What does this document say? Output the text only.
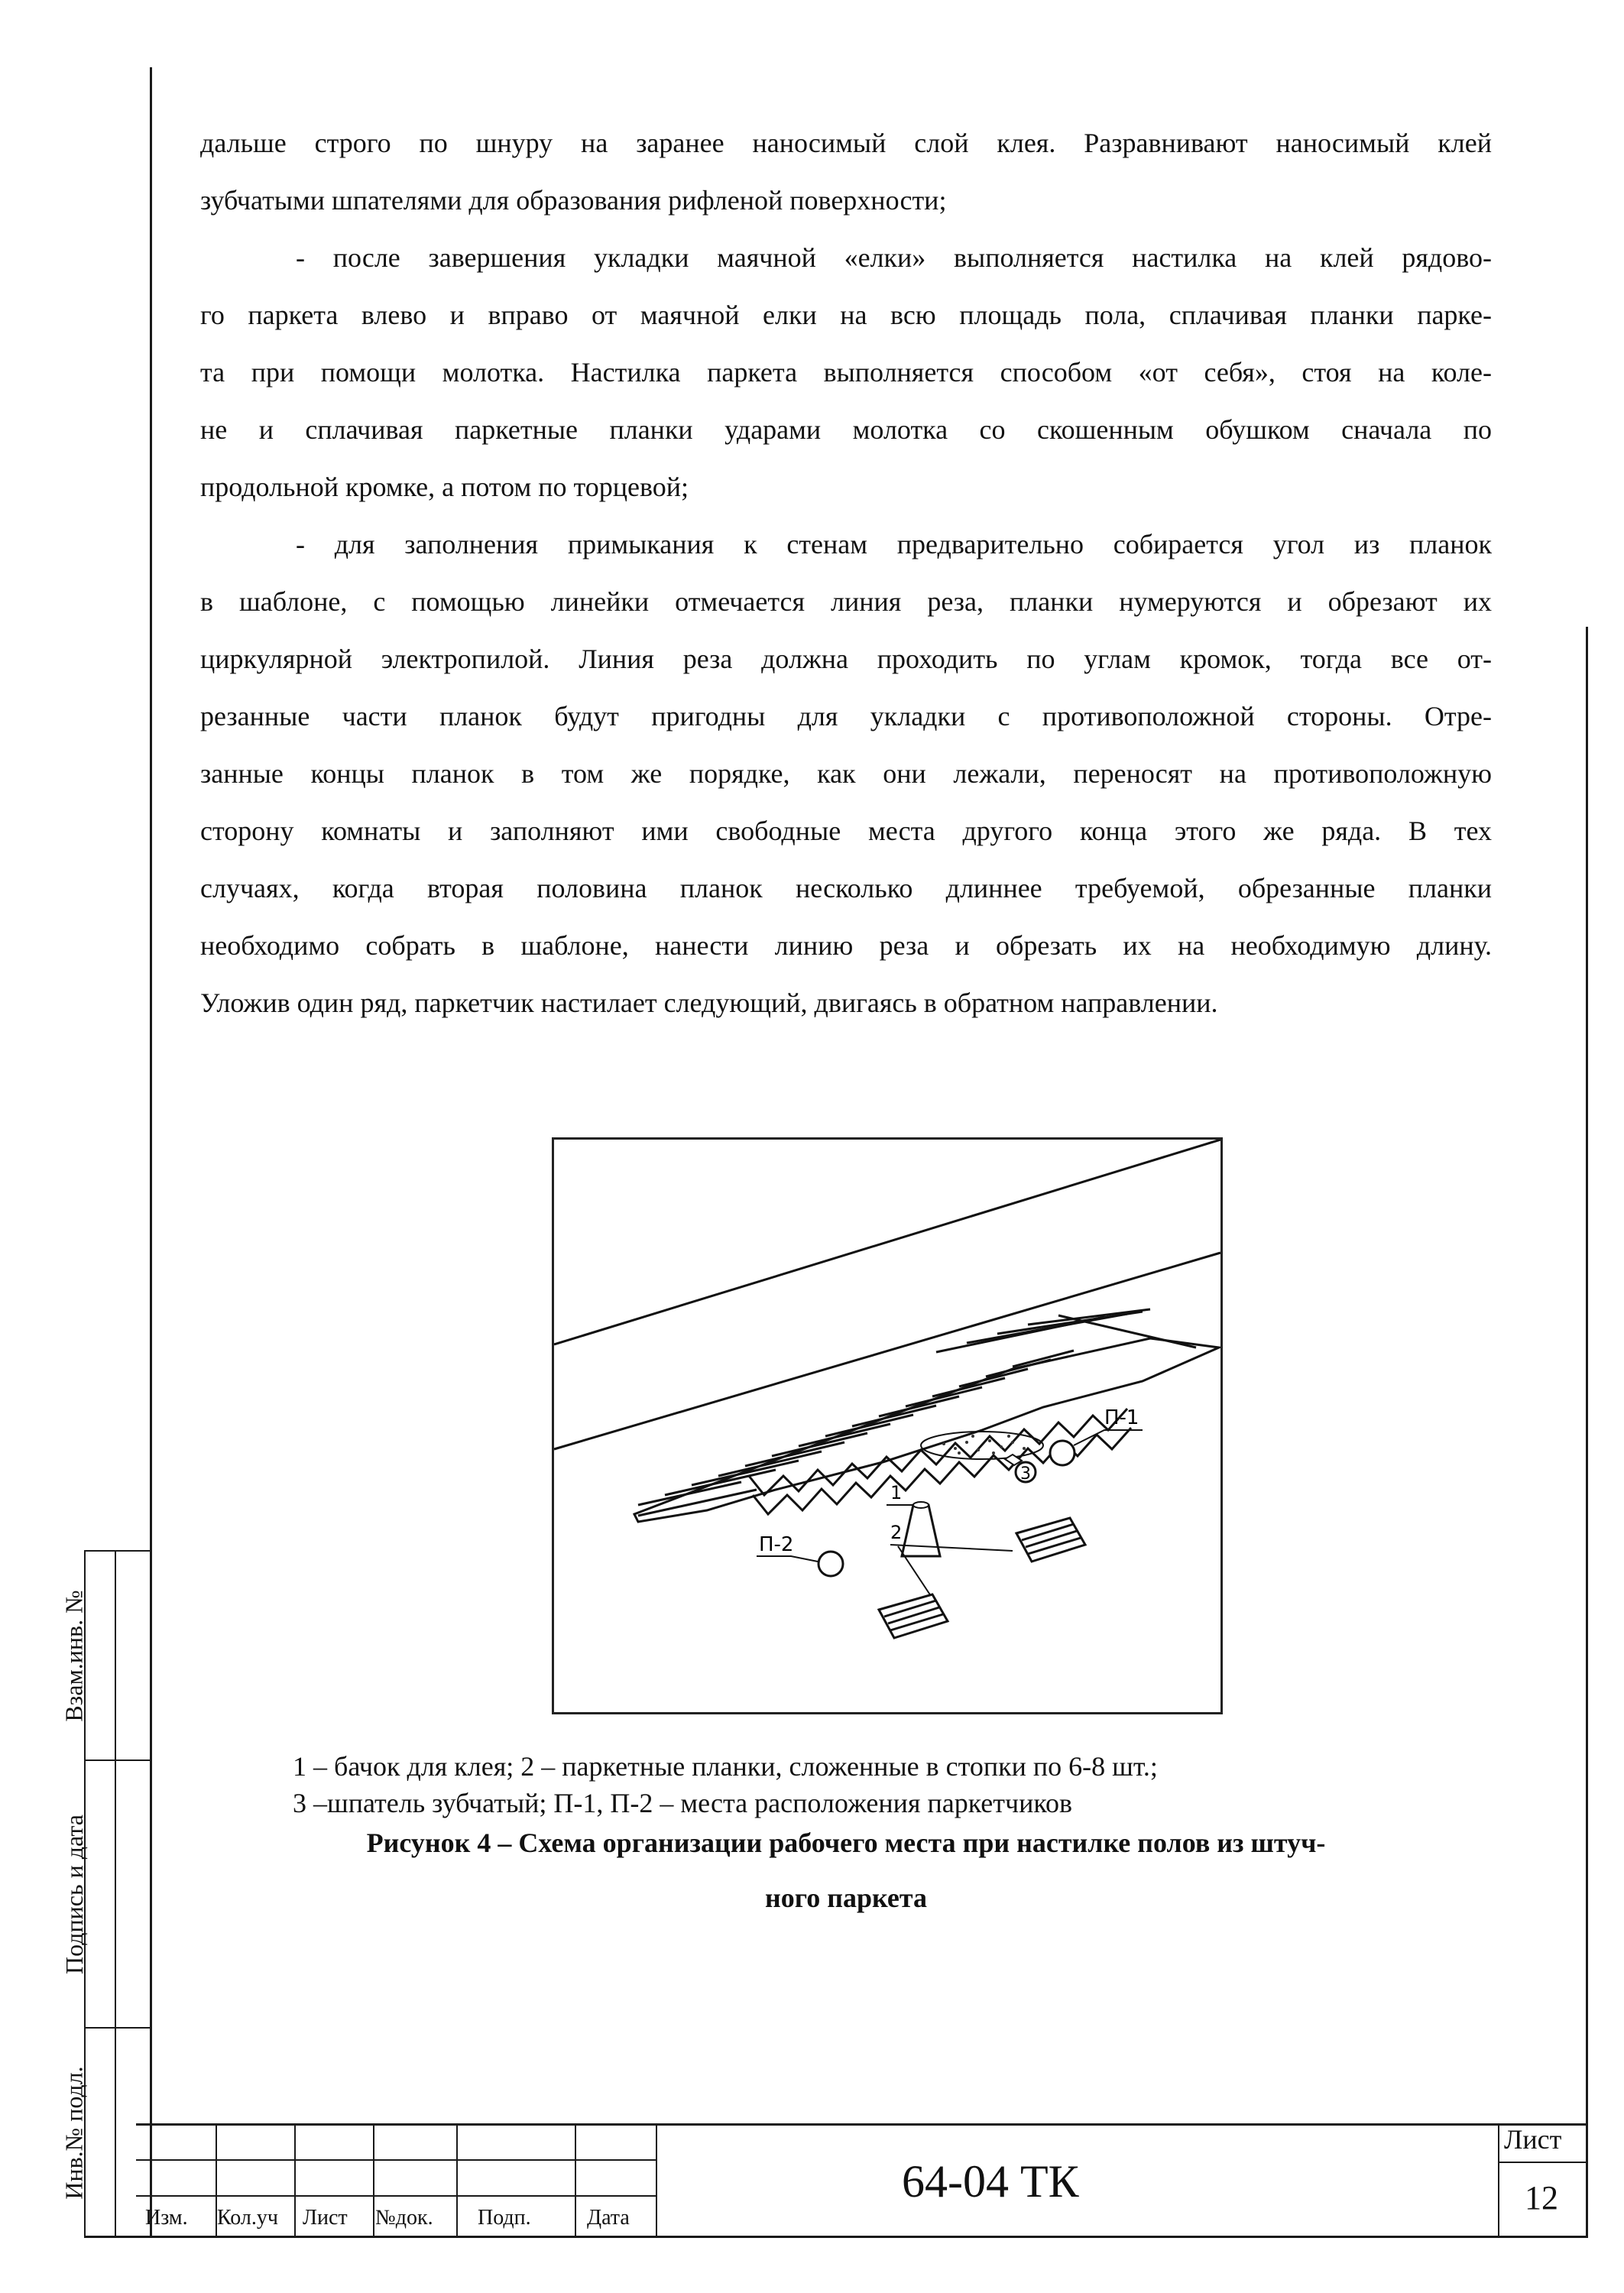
Взам.инв. №
Подпись и дата
Инв.№ подл.
Изм. Кол.уч Лист №док. Подп.	Дата
64-04 ТК
Лист
12
дальше строго по шнуру на заранее наносимый слой клея. Разравнивают наносимый клей
зубчатыми шпателями для образования рифленой поверхности;
- после завершения укладки маячной «елки» выполняется настилка на клей рядово-
го паркета влево и вправо от маячной елки на всю площадь пола, сплачивая планки парке-
та при помощи молотка. Настилка паркета выполняется способом «от себя», стоя на коле-
не и сплачивая паркетные планки ударами молотка со скошенным обушком сначала по
продольной кромке, а потом по торцевой;
- для заполнения примыкания к стенам предварительно собирается угол из планок
в шаблоне, с помощью линейки отмечается линия реза, планки нумеруются и обрезают их
циркулярной электропилой. Линия реза должна проходить по углам кромок, тогда все от-
резанные части планок будут пригодны для укладки с противоположной стороны. Отре-
занные концы планок в том же порядке, как они лежали, переносят на противоположную
сторону комнаты и заполняют ими свободные места другого конца этого же ряда. В тех
случаях, когда вторая половина планок несколько длиннее требуемой, обрезанные планки
необходимо собрать в шаблоне, нанести линию реза и обрезать их на необходимую длину.
Уложив один ряд, паркетчик настилает следующий, двигаясь в обратном направлении.
П-1
3
1
2
П-2
1 – бачок для клея; 2 – паркетные планки, сложенные в стопки по 6-8 шт.;
3 –шпатель зубчатый; П-1, П-2 – места расположения паркетчиков
Рисунок 4 – Схема организации рабочего места при настилке полов из штуч-
ного паркета
